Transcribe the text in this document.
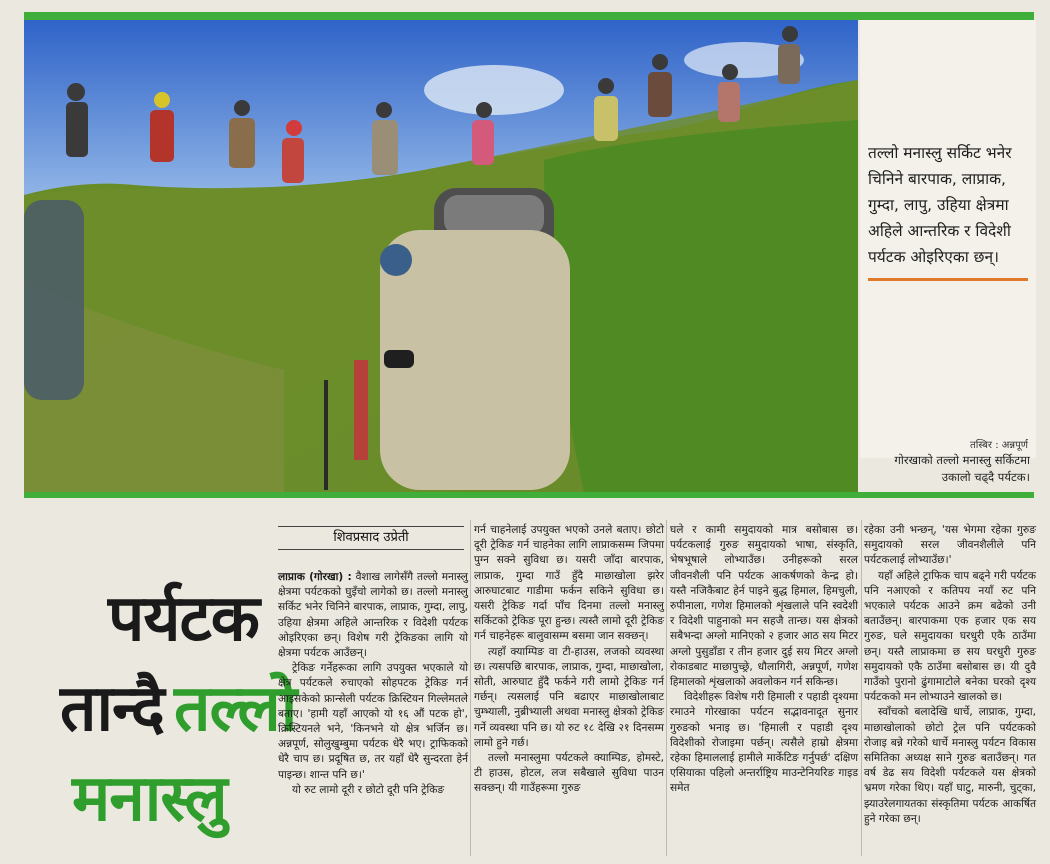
तल्लो मनास्लु सर्किट भनेर चिनिने बारपाक, लाप्राक, गुम्दा, लापु, उहिया क्षेत्रमा अहिले आन्तरिक र विदेशी पर्यटक ओइरिएका छन्।
तस्बिर : अन्नपूर्ण
गोरखाको तल्लो मनास्लु सर्किटमा उकालो चढ्दै पर्यटक।
पर्यटक
तान्दै तल्लो
मनास्लु
शिवप्रसाद उप्रेती

लाप्राक (गोरखा) : वैशाख लागेसँगै तल्लो मनास्लु क्षेत्रमा पर्यटकको घुइँचो लागेको छ। तल्लो मनास्लु सर्किट भनेर चिनिने बारपाक, लाप्राक, गुम्दा, लापु, उहिया क्षेत्रमा अहिले आन्तरिक र विदेशी पर्यटक ओइरिएका छन्। विशेष गरी ट्रेकिङका लागि यो क्षेत्रमा पर्यटक आउँछन्।

ट्रेकिङ गर्नेहरूका लागि उपयुक्त भएकाले यो क्षेत्र पर्यटकले रुचाएको सोहपटक ट्रेकिङ गर्न आइसकेको फ्रान्सेली पर्यटक क्रिस्टियन गिल्लेमतले बताए। 'हामी यहाँ आएको यो १६ औं पटक हो', क्रिस्टियनले भने, 'किनभने यो क्षेत्र भर्जिन छ। अन्नपूर्ण, सोलुखुम्बुमा पर्यटक धेरै भए। ट्राफिकको धेरै चाप छ। प्रदूषित छ, तर यहाँ धेरै सुन्दरता हेर्न पाइन्छ। शान्त पनि छ।'

यो रुट लामो दूरी र छोटो दूरी पनि ट्रेकिङ

गर्न चाहनेलाई उपयुक्त भएको उनले बताए। छोटो दूरी ट्रेकिङ गर्न चाहनेका लागि लाप्राकसम्म जिपमा पुग्न सक्ने सुविधा छ। यसरी जाँदा बारपाक, लाप्राक, गुम्दा गाउँ हुँदै माछाखोला झरेर आरुघाटबाट गाडीमा फर्कन सकिने सुविधा छ। यसरी ट्रेकिङ गर्दा पाँच दिनमा तल्लो मनास्लु सर्किटको ट्रेकिङ पूरा हुन्छ। त्यस्तै लामो दूरी ट्रेकिङ गर्न चाहनेहरू बालुवासम्म बसमा जान सक्छन्।

त्यहाँ क्याम्पिङ वा टी-हाउस, लजको व्यवस्था छ। त्यसपछि बारपाक, लाप्राक, गुम्दा, माछाखोला, सोती, आरुघाट हुँदै फर्कने गरी लामो ट्रेकिङ गर्न गर्छन्। त्यसलाई पनि बढाएर माछाखोलाबाट चुम्भ्याली, नुब्रीभ्याली अथवा मनास्लु क्षेत्रको ट्रेकिङ गर्ने व्यवस्था पनि छ। यो रुट १८ देखि २१ दिनसम्म लामो हुने गर्छ।

तल्लो मनास्लुमा पर्यटकले क्याम्पिङ, होमस्टे, टी हाउस, होटल, लज सबैखाले सुविधा पाउन सक्छन्। यी गाउँहरूमा गुरुङ

घले र कामी समुदायको मात्र बसोबास छ। पर्यटकलाई गुरुङ समुदायको भाषा, संस्कृति, भेषभूषाले लोभ्याउँछ। उनीहरूको सरल जीवनशैली पनि पर्यटक आकर्षणको केन्द्र हो। यस्तै नजिकैबाट हेर्न पाइने बुद्ध हिमाल, हिमचुली, रुपीनाला, गणेश हिमालको शृंखलाले पनि स्वदेशी र विदेशी पाहुनाको मन सहजै तान्छ। यस क्षेत्रको सबैभन्दा अग्लो मानिएको २ हजार आठ सय मिटर अग्लो पुसुडाँडा र तीन हजार दुई सय मिटर अग्लो रोकाडबाट माछापुच्छ्रे, धौलागिरी, अन्नपूर्ण, गणेश हिमालको शृंखलाको अवलोकन गर्न सकिन्छ।

विदेशीहरू विशेष गरी हिमाली र पहाडी दृश्यमा रमाउने गोरखाका पर्यटन सद्भावनादूत सुनार गुरुङको भनाइ छ। 'हिमाली र पहाडी दृश्य विदेशीको रोजाइमा पर्छन्। त्यसैले हाम्रो क्षेत्रमा रहेका हिमाललाई हामीले मार्केटिङ गर्नुपर्छ' दक्षिण एसियाका पहिलो अन्तर्राष्ट्रिय माउन्टेनियरिङ गाइड समेत

रहेका उनी भन्छन्, 'यस भेगमा रहेका गुरुङ समुदायको सरल जीवनशैलीले पनि पर्यटकलाई लोभ्याउँछ।'

यहाँ अहिले ट्राफिक चाप बढ्ने गरी पर्यटक पनि नआएको र कतिपय नयाँ रुट पनि भएकाले पर्यटक आउने क्रम बढेको उनी बताउँछन्। बारपाकमा एक हजार एक सय गुरुङ, घले समुदायका घरधुरी एकै ठाउँमा छन्। यस्तै लाप्राकमा छ सय घरधुरी गुरुङ समुदायको एकै ठाउँमा बसोबास छ। यी दुवै गाउँको पुरानो ढुंगामाटोले बनेका घरको दृश्य पर्यटकको मन लोभ्याउने खालको छ।

स्वाँचको बलादेखि धार्चे, लाप्राक, गुम्दा, माछाखोलाको छोटो ट्रेल पनि पर्यटकको रोजाइ बन्ने गरेको धार्चे मनास्लु पर्यटन विकास समितिका अध्यक्ष साने गुरुङ बताउँछन्। गत वर्ष डेढ सय विदेशी पर्यटकले यस क्षेत्रको भ्रमण गरेका थिए। यहाँ घाटु, मारुनी, चुट्का, झ्याउरेलगायतका संस्कृतिमा पर्यटक आकर्षित हुने गरेका छन्।
